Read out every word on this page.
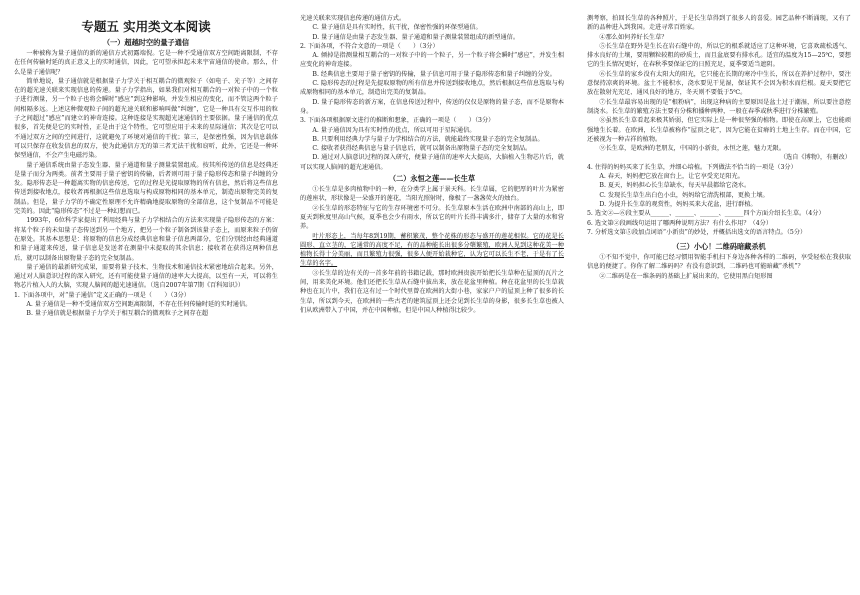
专题五 实用类文本阅读
（一）超越时空的量子通信

一种被称为量子通信的新的通信方式初露端倪。它是一种不受通信双方空间距离限制，不存在任何传输时延的真正意义上的实时通信，因此，它可望承担起未来宇宙通信的使命。那么，什么是量子通信呢？

简单地说，量子通信就是根据量子力学关于相互耦合的微观粒子（如电子、光子等）之间存在的超光速关联来实现信息的传递。量子力学指出，如果我们对相互耦合的一对粒子中的一个粒子进行测量，另一个粒子也将会瞬时“感应”到这种影响，并发生相应的变化，而不管这两个粒子间相隔多远。上述这种微观粒子间的超光速关联和影响叫做“纠缠”，它是一种具有交互作用的粒子之间超过“感应”而建立的神奇连接。这种连接是实现超光速通信的主要依据。量子通信的优点很多，首先便是它的实时性，正是由于这个特性，它可望应用于未来的星际通信；其次是它可以不通过双方之间的空间进行，这就避免了环境对通信的干扰；第三，是保密性强，因为信息载体可以只保存在收发信息的双方，使为此通信方无的第三者无法干扰和窃听，此外，它还是一种环保型通信，不会产生电磁污染。

量子通信系统由量子态发生器、量子通道和量子测量装置组成。按其所传送的信息是经典还是量子而分为两类。前者主要用于量子密钥的传输，后者则可用于量子隐形传态和量子纠缠的分发。隐形传态是一种超离实物的信息传送，它的过程是光提取原物的所有信息，然后将这些信息传送到接收地点，接收者再根据这些信息选取与构成原物相同的基本单元，制造出原物完美的复制品。但是，量子力学的不确定性原理不允许精确地提取原物的全部信息，这个复制品不可能是完美的。因此“隐形传态”不过是一种幻想而已。

1993年，6位科学家提出了利用经典与量子力学相结合的方法来实现量子隐形传态的方案：将某个粒子的未知量子态传送到另一个地方，把另一个粒子制备到该量子态上，而原来粒子仍留在原处。其基本思想是：将原物的信息分成经典信息和量子信息两部分，它们分别经由经典通道和量子通道来传送，量子信息是发送者在测量中未提取的其余信息；接收者在获得这两种信息后，就可以制备出原物量子态的完全复制品。

量子通信的最新研究成果，需要将量子技术、生物技术和通信技术紧密地结合起来。另外，通过对人脑意识过程的深入研究，还有可能使量子通信的速率大大提高，以至有一天，可以将生物芯片植入人的大脑，实现人脑间的超光速通信。（选自2007年第7期《百科知识》）

1. 下面各项中，对“量子通信”定义正确的一项是（　　）（3分）

A. 量子通信是一种不受通信双方空间距离限制，不存在任何传输时延的实时通信。

B. 量子通信就是根据量子力学关于相互耦合的微观粒子之间存在超

光速关联来实现信息传递的通信方式。

C. 量子通信是具有实时性，抗干扰，保密性强的环保型通信。

D. 量子通信是由量子态发生器、量子通道和量子测量装置组成的新型通信。

2. 下面各项，不符合文意的一项是（　　）（3分）

A. 倾掉是指测量相互耦合的一对粒子中的一个粒子，另一个粒子将会瞬时“感应”，并发生相应变化的神奇连接。

B. 经典信息主要用于量子密钥的传输，量子信息可用于量子隐形传态和量子纠缠的分发。

C. 隐形传态的过程是先提取原物的所有信息并传送到接收地点，然后根据这些信息选取与构成原物相同的基本单元，制造出完美的复制品。

D. 量子隐形传态的新方案，在信息传送过程中，传送的仅仅是原物的量子态，而不是原物本身。

3. 下面各项根据原文进行的推断和想象，正确的一项是（　　）（3分）

A. 量子通信因为具有实时性的优点，所以可用于星际通信。

B. 只要利用经典力学与量子力学相结合的方法，就能最终实现量子态的完全复制品。

C. 接收者获得经典信息与量子信息后，就可以制备出原物量子态的完全复制品。

D. 通过对人脑意识过程的深入研究，便量子通信的速率大大提高，大脑植入生物芯片后，就可以实现人脑间的超光速通信。

（二）永恒之莲——长生草

①长生草是多肉植物中的一种，在分类学上属于景天科。长生草属，它的肥厚的叶片为紧密的莲座状，形状像是一朵盛开的莲花，当阳光照射时，像极了一盏盏荧火的烛台。

②长生草的形态特征与它的生存环境密不可分。长生草原本生活在欧洲中南部的高山上，即夏天到秋度里高山气候，夏季也会少有雨水，所以它的叶片长得丰满多汁，储存了大量的水和营养。

叶片形态上，当每年8到19期，蓄积繁茂，整个花株的形态与盛开的莲花相似。它的花是长圆形、直立茎的，它通常的高度不足，有的品种能长出很多分蘖繁殖，欧洲人见到这种花美一种植物长得十分美丽，而且繁殖力很强，很多人便开始栽种它，认为它可以长生不老，于是有了长生草的名字。

③长生草的边有关的一首多年前的书籍记载，那时欧洲贵族开始把长生草种在屋顶的瓦片之间，用来美化环境。他们还把长生草从石缝中拔出来，放在花盆里种植。种在花盆里的长生草栽种也在瓦片中，我们在这有过一个时代里曾在欧洲的大街小巷，家家户户的屋顶上种了很多的长生草，所以到今天，在欧洲的一些古老的建筑屋顶上还会见到长生草的身影，很多长生草也被人们从欧洲带入了中国，并在中国种植，但是中国人种植得比较少。

测考察，拍回长生草的各种照片，于是长生草得到了很多人的喜爱。园艺品种不断涌现，又有了新的品种进入到我国。走进寻常百姓家。

④那么如何养好长生草？

⑤长生草在野外是生长在岩石缝中的，所以它的根系就适应了这种环境，它喜欢疏松透气、排水良好的土壤，要用颗粒较粗的砂质土，而且盆底要有排水孔。适宜的温度为15—25℃，要想它的生长情况更好，在春秋季要保证它的日照充足，夏季要适当遮阴。

⑥长生草的家乡没有太阳大的阳光，它只能在长期的寒冷中生长，所以在养护过程中，要注意保持凉爽的环境。盆土不能积水，浇水要见干见湿，保证其不会因为积水而烂根。夏天要把它放在散射光充足、通风良好的地方，冬天则不要低于5℃。

⑦长生草最容易出现的是“根粉病”，出现这种病的主要原因是盆土过于潮湿，所以要注意控制浇水。长生草的繁殖方法主要有分株和播种两种，一般在春季或秋季进行分株繁殖。

⑧虽然长生草看起来极其娇弱，但它实际上是一种很坚强的植物。即使在高原上，它也能顽强地生长着。在欧洲，长生草被称作“屋顶之花”，因为它能在贫瘠的土地上生存。而在中国，它还被视为一种吉祥的植物。

⑨长生草，是欧洲的老朋友，中国的小新贵，永恒之莲，魅力无限。

（选自《博物》，有删改）

4. 住得的妈妈买来了长生草，并细心培植。下列做法不恰当的一项是（3分）

A. 春天，妈妈把它放在窗台上，让它享受充足阳光。

B. 夏天，妈妈担心长生草缺水，每天早晨都给它浇水。

C. 发现长生草生出白色小虫，妈妈给它清洗根部，更换土壤。

D. 为提升长生草的观赏性，妈妈买来大花盆，进行群植。

5. 选文②—⑥段主要从______、______、______、______四个方面介绍长生草。（4分）

6. 选文第②段画线句运用了哪两种说明方法？有什么作用？（4分）

7. 分析选文第⑤段加点词语“小新贵”的妙处，并概括出选文的语言特点。（5分）

（三）小心！二维码暗藏杀机

①不知不觉中，你可能已经习惯用智能手机扫下身边各种各样的二维码，享受轻松在我获取信息的便捷了。你你了解二维码吗？有没有意识到，二维码也可能暗藏“杀机”？

②二维码是在一维条码的基础上扩展出来的，它使用黑白矩形图
